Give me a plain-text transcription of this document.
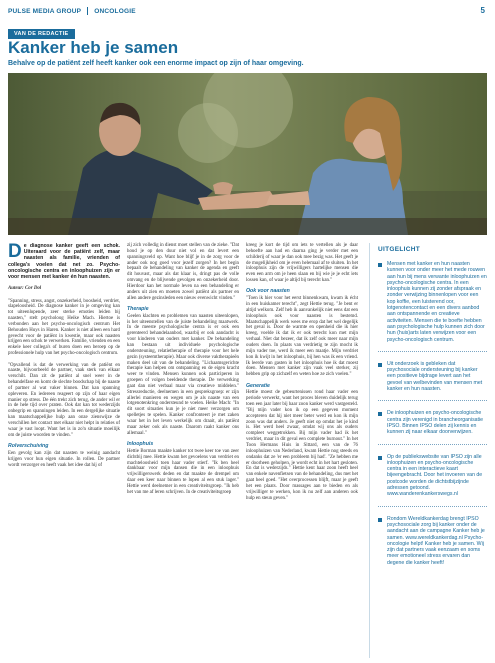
PULSE MEDIA GROUP ONCOLOGIE	5
VAN DE REDACTIE
Kanker heb je samen
Behalve op de patiënt zelf heeft kanker ook een enorme impact op zijn of haar omgeving.

De diagnose kanker geeft een schok. Uiteraard voor de patiënt zelf, maar naasten als familie, vrienden of collega's voelen dat net zo. Psycho-oncologische centra en inloophuizen zijn er voor mensen met kanker én hun naasten.

Auteur: Cor Dol

"Spanning, stress, angst, onzekerheid, boosheid, verdriet, slapeloosheid. De diagnose kanker in je omgeving kan tot uiteenlopende, zeer sterke emoties leiden bij naasten," stelt psycholoog Heike Mach. Hiertoe is verbonden aan het psycho-oncologisch centrum Het Behouden Huys in Haren. Kanker is niet alleen een hard gevecht voor de patiënt in kwestie, maar ook naasten krijgen een schok te verwerken. Familie, vrienden en een enkele keer collega's of buren doen een beroep op de professionele hulp van het psycho-oncologisch centrum.

"Opvallend is dat de verwerking van de patiënt en naaste, bijvoorbeeld de partner, vaak sterk van elkaar verschilt. Dan zit de patiënt al snel weer in de behandelfase en komt de slechte boodschap bij de naaste of partner al wat vaker binnen. Dat kan spanning opleveren. En iedereen reageert op zijn of haar eigen manier op stress. De één trekt zich terug, de ander wil er in de hele tijd over praten. Ook dat kan tot wederzijds onbegrip en spanningen leiden. In een dergelijke situatie kan maatschappelijke hulp aan onze zienswijze de verschillen het contact met elkaar niet helpt in relaties of waar je vast loopt. Want het is in zo'n situatie moeilijk om de juiste woorden te vinden."

Rolverschuiving

Een gevolg kan zijn dat naasten te weinig aandacht krijgen voor hun eigen situatie. In rollen. De partner wordt verzorger en heeft vaak het idee dat hij of

zij zich volledig in dienst moet stellen van de zieke. "Dat houd je op den duur niet vol en dat levert een spanningsveld op. Want hoe blijf je in de zorg voor de ander ook nog goed voor jezelf zorgen? In het begin bepaalt de behandeling van kanker de agenda en geeft dit houvast, maar als dat klaar is, dringt pas de volle omvang en de blijvende gevolgen en onzekerheid door. Hierdoor kan het normale leven na een behandeling er anders uit zien en moeten zowel patiënt als partner en allen andere gezinsleden een nieuw evenwicht vinden."

Therapie

Geelen klachten en problemen van naasten uiteenlopen, is het uiteenstellen van de juiste behandeling maatwerk. In de meeste psychologische centra is er ook een gerenteerd behandelaanbod, waarbij er ook aandacht is voor kinderen van ouders met kanker. De behandeling kan bestaan uit individuele psychologische ondersteuning, relatietherapie of therapie voor het hele gezin (systeemtherapie). Maar ook diverse vaktherapieën maken deel uit van de behandeling. "Lichaamsgerichte therapie kan helpen om ontspanning en de eigen kracht weer te vinden. Mensen kunnen ook participeren in groepen of volgen beeldende therapie. De verwerking gaat dan niet verbaal maar via creatieve middelen." Stressreductie, deelnemen in een gespreksgroep: er zijn allerlei manieren en wegen om je als naaste van een lotgenotenkring ondersteund te voelen. Heike Mach: "In dit soort situaties kun je je niet meer verzorgen om spelletjes te spelen. Kanker confronteert je met zaken waar het in het leven werkelijk om draait, als patiënt maar zeker ook als naaste. Daarom raakt kanker ons allemaal."

Inloophuis

Hettie Borman maakte kanker tot twee keer toe van zeer dichtbij mee. Hettie kwam het gevoelens van verdriet en machteloosheid toen haar vader stierf. "Ik ben heel dankbaar voor mijn dansen die in een inloophuis vrijwilligerswerk deden en dat maakte de drempel om daar een keer naar binnen te lopen al een stuk lager." Hettie werd deelnemer in een creativiteitsgroep. "Ik heb het van me af leren schrijven. In de creativiteitsgroep

kreeg je kort de tijd om iets te vertellen als je daar behoefte aan had en daarna ging je verder met een schilderij of waar je dan ook mee bezig was. Het geeft je de mogelijkheid om je even helemaal af te sluiten. In het inloophuis zijn de vrijwilligers hartelijke mensen die even een arm om je heen slaan en bij wie je je echt iets lossen kan, of waar je altijd bij terecht kan."

Ook voor naasten

"Toen ik hier voor het eerst binnenkwam, kwam ik écht in een huiskamer terecht", zegt Hettie terug. "Je bent er altijd welkom. Zelf heb ik aanvankelijk niet eens dat een inloophuis ook voor naasten is bestemd. Maatschappelijk werk wees me erop dat het wel degelijk het geval is. Door de warmte en openheid die ik hier kreeg, voelde ik dat ik er ook terecht kon met mijn verhaal. Niet dat bezeer, dat ik zelf ook meer naar mijn ouders doen. In plaats van verdrietig te zijn mocht ik mijn vader toe, werd ik meer een maatje. Mijn verdriet kon ik kwijt in het inloophuis, bij hen was ik een vriend. Ik leerde van gasten in het inloophuis hoe ik dat moest doen. Mensen met kanker zijn vaak veel sterker, zij hebben grip op zichzelf en weten hoe ze zich voelen."

Generatie

Hettie moest de gebeurtenissen rond haar vader een periode verwerkt, want het proces bleven duidelijk terug toen een jaar later bij haar zoon kanker werd vastgesteld. "Bij mijn vader kon ik op een gegeven moment accepteren dat hij niet meer beter werd en kon ik mijn zoon was dat anders. Je geeft niet op omdat het je kind is. Het werd heel zwaar, omdat wij ons als ouders compleet weggetrokken. Bij mijn vader had ik het verdriet, maar in dit geval een complete burnout." In het Toon Hermans Huis in Sittard, een van de 76 inloophuizen van Nederland, kwam Hettie nog steeds en ondanks dat ze 'er een probleem bij had'. "Ze hebben me er doorheen geholpen, je wordt echt in het hart gesloten. En dat is wederzijds." Hettie kent haar zoon heeft heel van enkele navenfietsen van de behandeling, dus met het gaat heel goed. "Het overprocessen blijft, maar je geeft het een plaats. Door massages aan te bieden en als vrijwilliger te werken, kon ik nu zelf aan anderen ook hulp en steun geven."

UITGELICHT
Mensen met kanker en hun naasten kunnen voor onder meer het mede rouwen aan hun bij mens verwante inloophuizen en psycho-oncologische centra. In een inloophuis kunnen zij zonder afspraak en zonder verwijzing binnenlopen voor een kop koffie, een luisterend oor, lotgenotencontact en een divers aanbod aan ontspannende en creatieve activiteiten. Mensen die te boefte hebben aan psychologische hulp kunnen zich door hun (huis)arts laten verwijzen voor een psycho-oncologisch centrum.
Uit onderzoek is gebleken dat psychosociale ondersteuning bij kanker een positieve bijdrage levert aan het gevoel van welbevinden van mensen met kanker en hun naasten.
De inloophuizen en psycho-oncologische centra zijn verenigd in brancheorganisatie IPSO. Binnen IPSO delen zij kennis en kunnen zij naar elkaar doorverwijzen.
Op de publiekswebsite van IPSO zijn alle inloophuizen en psycho-oncologische centra in een interactieve kaart bijeengebracht. Door het invoeren van de postcode worden de dichtstbijzijnde adressen getoond. www.wanderenkankerswegs.nl
Rondom Wereldkankerdag brengt IPSO psychosociale zorg bij kanker onder de aandacht aan de campagne Kanker heb je samen. www.wereldkankerdag.nl Psycho-oncologie helpt! Kanker heb je samen. Wij zijn dat partners vaak eenzaam en soms meer emotioneel stress ervaren dan degene die kanker heeft!
